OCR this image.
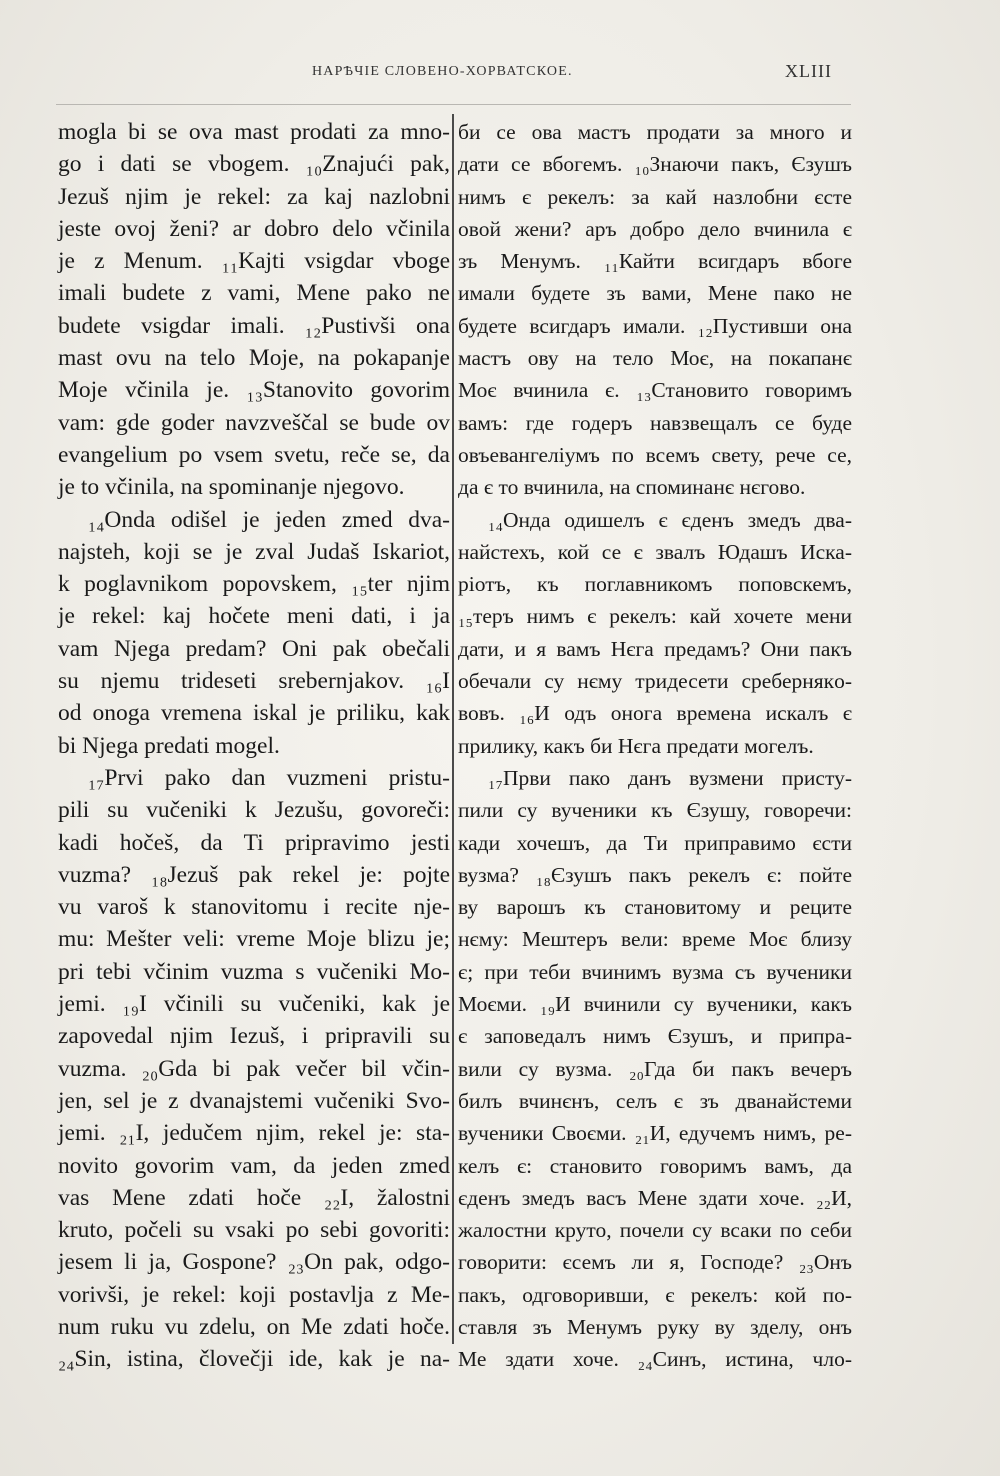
НАРѢЧІЕ СЛОВЕНО-ХОРВАТСКОЕ.	XLIII
mogla bi se ova mast prodati za mno-
go i dati se vbogem. ₁₀Znajući pak,
Jezuš njim je rekel: za kaj nazlobni
jeste ovoj ženi? ar dobro delo včinila
je z Menum. ₁₁Kajti vsigdar vboge
imali budete z vami, Mene pako ne
budete vsigdar imali. ₁₂Pustivši ona
mast ovu na telo Moje, na pokapanje
Moje včinila je. ₁₃Stanovito govorim
vam: gde goder navzveščal se bude ov
evangelium po vsem svetu, reče se, da
je to včinila, na spominanje njegovo.
₁₄Onda odišel je jeden zmed dva-
najsteh, koji se je zval Judaš Iskariot,
k poglavnikom popovskem, ₁₅ter njim
je rekel: kaj hočete meni dati, i ja
vam Njega predam? Oni pak obečali
su njemu trideseti srebernjakov. ₁₆I
od onoga vremena iskal je priliku, kak
bi Njega predati mogel.
₁₇Prvi pako dan vuzmeni pristu-
pili su vučeniki k Jezušu, govoreči:
kadi hočeš, da Ti pripravimo jesti
vuzma? ₁₈Jezuš pak rekel je: pojte
vu varoš k stanovitomu i recite nje-
mu: Mešter veli: vreme Moje blizu je;
pri tebi včinim vuzma s vučeniki Mo-
jemi. ₁₉I včinili su vučeniki, kak je
zapovedal njim Iezuš, i pripravili su
vuzma. ₂₀Gda bi pak večer bil včin-
jen, sel je z dvanajstemi vučeniki Svo-
jemi. ₂₁I, jedučem njim, rekel je: sta-
novito govorim vam, da jeden zmed
vas Mene zdati hoče ₂₂I, žalostni
kruto, počeli su vsaki po sebi govoriti:
jesem li ja, Gospone? ₂₃On pak, odgo-
vorivši, je rekel: koji postavlja z Me-
num ruku vu zdelu, on Me zdati hoče.
₂₄Sin, istina, človečji ide, kak je na-
би се ова мастъ продати за много и
дати се вбогемъ. ₁₀Знаючи пакъ, Єзушъ
нимъ є рекелъ: за кай назлобни єсте
овой жени? аръ добро дело вчинила є
зъ Менумъ. ₁₁Кайти всигдаръ вбоге
имали будете зъ вами, Мене пако не
будете всигдаръ имали. ₁₂Пустивши она
мастъ ову на тело Моє, на покапанє
Моє вчинила є. ₁₃Становито говоримъ
вамъ: где годеръ навзвещалъ се буде
овъевангеліумъ по всемъ свету, рече се,
да є то вчинила, на споминанє нєгово.
₁₄Онда одишелъ є єденъ змедъ два-
найстехъ, кой се є звалъ Юдашъ Иска-
ріотъ, къ поглавникомъ поповскемъ,
₁₅теръ нимъ є рекелъ: кай хочете мени
дати, и я вамъ Нєга предамъ? Они пакъ
обечали су нєму тридесети сребернякo-
вовъ. ₁₆И одъ онога времена искалъ є
прилику, какъ би Нєга предати могелъ.
₁₇Први пако данъ вузмени присту-
пили су вученики къ Єзушу, говоречи:
кади хочешъ, да Ти приправимо єсти
вузма? ₁₈Єзушъ пакъ рекелъ є: пойте
ву варошъ къ становитому и реците
нєму: Мештеръ вели: време Моє близу
є; при теби вчинимъ вузма съ вученики
Моєми. ₁₉И вчинили су вученики, какъ
є заповедалъ нимъ Єзушъ, и припра-
вили су вузма. ₂₀Гда би пакъ вечеръ
билъ вчинєнъ, селъ є зъ дванайстеми
вученики Своєми. ₂₁И, едучемъ нимъ, ре-
келъ є: становито говоримъ вамъ, да
єденъ змедъ васъ Мене здати хоче. ₂₂И,
жалостни круто, почели су всаки по себи
говорити: єсемъ ли я, Господе? ₂₃Онъ
пакъ, одговоривши, є рекелъ: кой по-
ставля зъ Менумъ руку ву зделу, онъ
Ме здати хоче. ₂₄Синъ, истина, чло-
